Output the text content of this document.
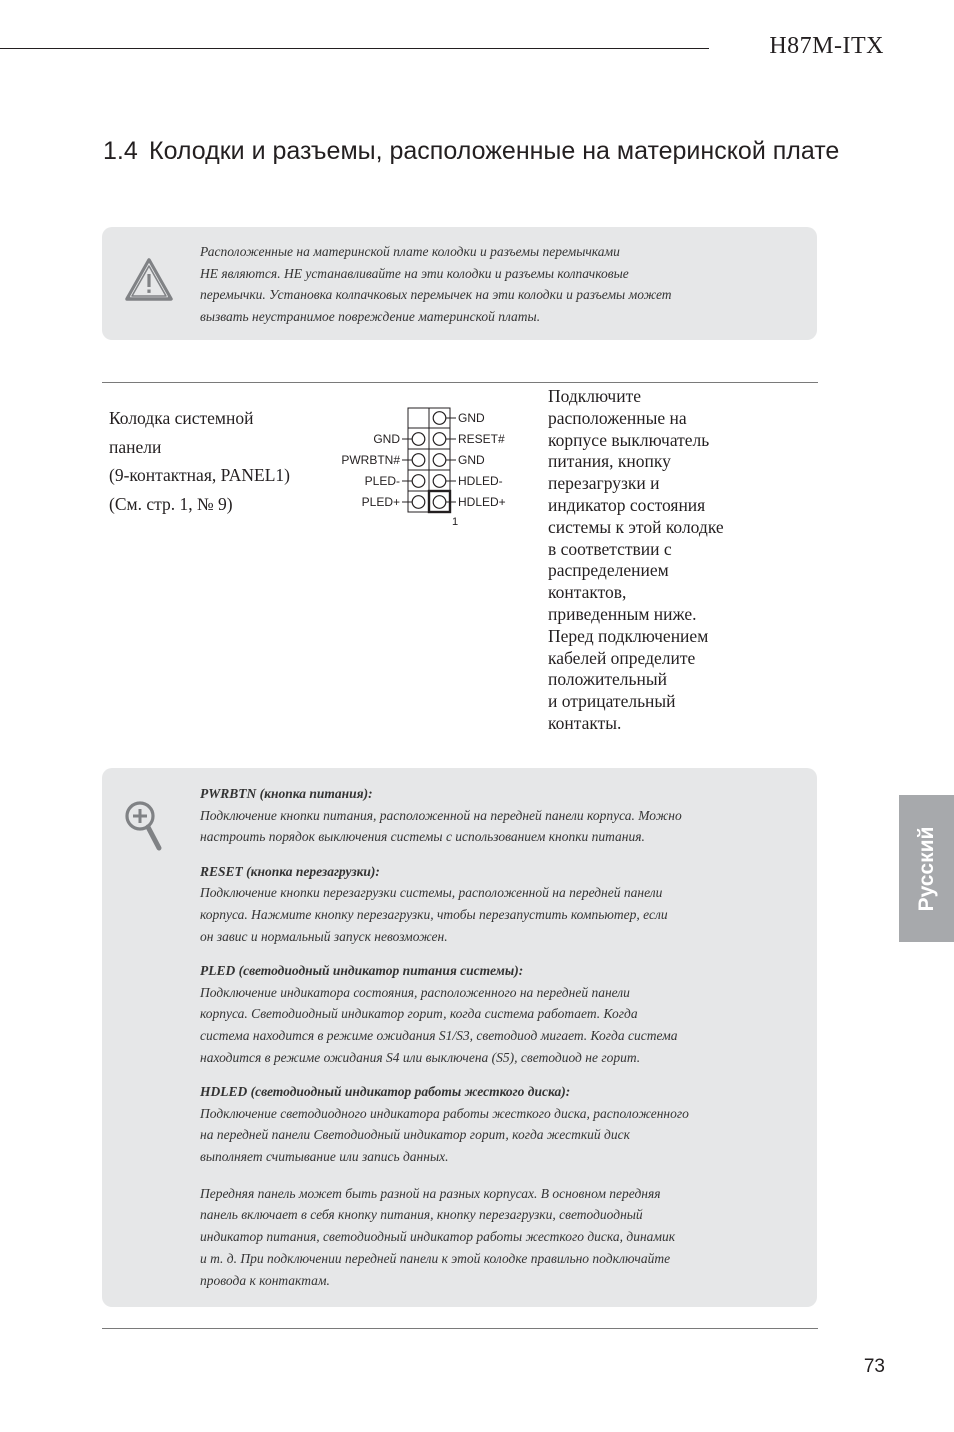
H87M-ITX
1.4 Колодки и разъемы, расположенные на материнской плате
Расположенные на материнской плате колодки и разъемы перемычками
НЕ являются. НЕ устанавливайте на эти колодки и разъемы колпачковые
перемычки. Установка колпачковых перемычек на эти колодки и разъемы может
вызвать неустранимое повреждение материнской платы.
Колодка системной
панели
(9-контактная, PANEL1)
(См. стр. 1, № 9)
GND
PWRBTN#
PLED-
PLED+
GND
RESET#
GND
HDLED-
HDLED+
1
Подключите
расположенные на
корпусе выключатель
питания, кнопку
перезагрузки и
индикатор состояния
системы к этой колодке
в соответствии с
распределением
контактов,
приведенным ниже.
Перед подключением
кабелей определите
положительный
и отрицательный
контакты.
PWRBTN (кнопка питания):
Подключение кнопки питания, расположенной на передней панели корпуса. Можно
настроить порядок выключения системы с использованием кнопки питания.
RESET (кнопка перезагрузки):
Подключение кнопки перезагрузки системы, расположенной на передней панели
корпуса. Нажмите кнопку перезагрузки, чтобы перезапустить компьютер, если
он завис и нормальный запуск невозможен.
PLED (светодиодный индикатор питания системы):
Подключение индикатора состояния, расположенного на передней панели
корпуса. Светодиодный индикатор горит, когда система работает. Когда
система находится в режиме ожидания S1/S3, светодиод мигает. Когда система
находится в режиме ожидания S4 или выключена (S5), светодиод не горит.
HDLED (светодиодный индикатор работы жесткого диска):
Подключение светодиодного индикатора работы жесткого диска, расположенного
на передней панели Светодиодный индикатор горит, когда жесткий диск
выполняет считывание или запись данных.
Передняя панель может быть разной на разных корпусах. В основном передняя
панель включает в себя кнопку питания, кнопку перезагрузки, светодиодный
индикатор питания, светодиодный индикатор работы жесткого диска, динамик
и т. д. При подключении передней панели к этой колодке правильно подключайте
провода к контактам.
Русский
73
